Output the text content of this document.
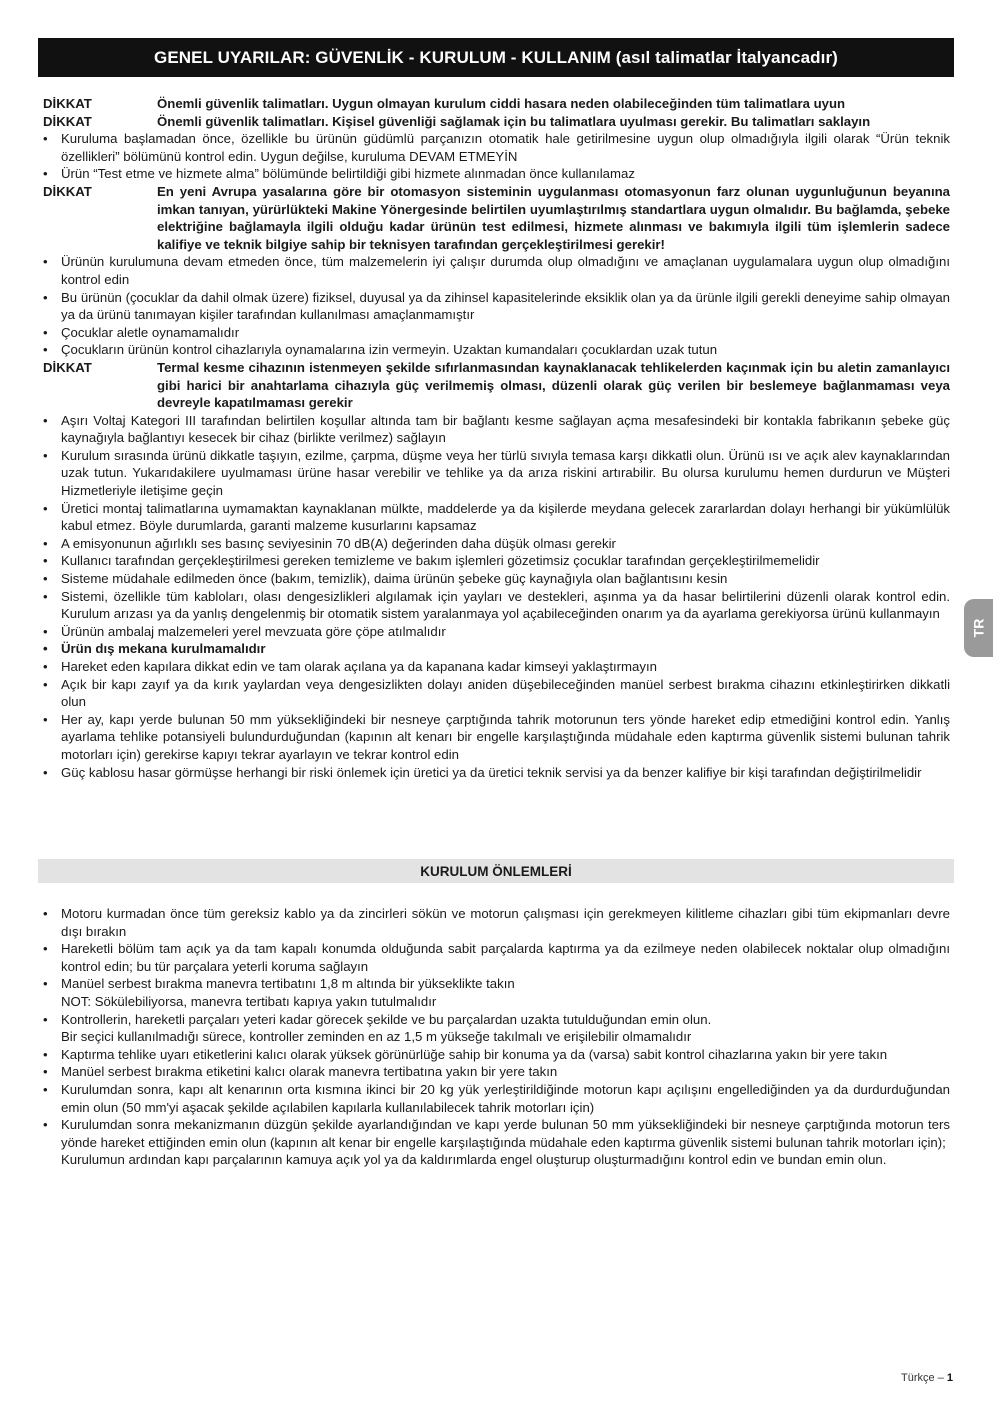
GENEL UYARILAR: GÜVENLİK - KURULUM - KULLANIM (asıl talimatlar İtalyancadır)
DİKKAT	Önemli güvenlik talimatları. Uygun olmayan kurulum ciddi hasara neden olabileceğinden tüm talimatlara uyun
DİKKAT	Önemli güvenlik talimatları. Kişisel güvenliği sağlamak için bu talimatlara uyulması gerekir. Bu talimatları saklayın
•	Kuruluma başlamadan önce, özellikle bu ürünün güdümlü parçanızın otomatik hale getirilmesine uygun olup olmadığıyla ilgili olarak “Ürün teknik özellikleri” bölümünü kontrol edin. Uygun değilse, kuruluma DEVAM ETMEYİN
•	Ürün “Test etme ve hizmete alma” bölümünde belirtildiği gibi hizmete alınmadan önce kullanılamaz
DİKKAT	En yeni Avrupa yasalarına göre bir otomasyon sisteminin uygulanması otomasyonun farz olunan uygunluğunun beyanına imkan tanıyan, yürürlükteki Makine Yönergesinde belirtilen uyumlaştırılmış standartlara uygun olmalıdır. Bu bağlamda, şebeke elektriğine bağlamayla ilgili olduğu kadar ürünün test edilmesi, hizmete alınması ve bakımıyla ilgili tüm işlemlerin sadece kalifiye ve teknik bilgiye sahip bir teknisyen tarafından gerçekleştirilmesi gerekir!
•	Ürünün kurulumuna devam etmeden önce, tüm malzemelerin iyi çalışır durumda olup olmadığını ve amaçlanan uygulamalara uygun olup olmadığını kontrol edin
•	Bu ürünün (çocuklar da dahil olmak üzere) fiziksel, duyusal ya da zihinsel kapasitelerinde eksiklik olan ya da ürünle ilgili gerekli deneyime sahip olmayan ya da ürünü tanımayan kişiler tarafından kullanılması amaçlanmamıştır
•	Çocuklar aletle oynamamalıdır
•	Çocukların ürünün kontrol cihazlarıyla oynamalarına izin vermeyin. Uzaktan kumandaları çocuklardan uzak tutun
DİKKAT	Termal kesme cihazının istenmeyen şekilde sıfırlanmasından kaynaklanacak tehlikelerden kaçınmak için bu aletin zamanlayıcı gibi harici bir anahtarlama cihazıyla güç verilmemiş olması, düzenli olarak güç verilen bir beslemeye bağlanmaması veya devreyle kapatılmaması gerekir
•	Aşırı Voltaj Kategori III tarafından belirtilen koşullar altında tam bir bağlantı kesme sağlayan açma mesafesindeki bir kontakla fabrikanın şebeke güç kaynağıyla bağlantıyı kesecek bir cihaz (birlikte verilmez) sağlayın
•	Kurulum sırasında ürünü dikkatle taşıyın, ezilme, çarpma, düşme veya her türlü sıvıyla temasa karşı dikkatli olun. Ürünü ısı ve açık alev kaynaklarından uzak tutun. Yukarıdakilere uyulmaması ürüne hasar verebilir ve tehlike ya da arıza riskini artırabilir. Bu olursa kurulumu hemen durdurun ve Müşteri Hizmetleriyle iletişime geçin
•	Üretici montaj talimatlarına uymamaktan kaynaklanan mülkte, maddelerde ya da kişilerde meydana gelecek zararlardan dolayı herhangi bir yükümlülük kabul etmez. Böyle durumlarda, garanti malzeme kusurlarını kapsamaz
•	A emisyonunun ağırlıklı ses basınç seviyesinin 70 dB(A) değerinden daha düşük olması gerekir
•	Kullanıcı tarafından gerçekleştirilmesi gereken temizleme ve bakım işlemleri gözetimsiz çocuklar tarafından gerçekleştirilmemelidir
•	Sisteme müdahale edilmeden önce (bakım, temizlik), daima ürünün şebeke güç kaynağıyla olan bağlantısını kesin
•	Sistemi, özellikle tüm kabloları, olası dengesizlikleri algılamak için yayları ve destekleri, aşınma ya da hasar belirtilerini düzenli olarak kontrol edin. Kurulum arızası ya da yanlış dengelenmiş bir otomatik sistem yaralanmaya yol açabileceğinden onarım ya da ayarlama gerekiyorsa ürünü kullanmayın
•	Ürünün ambalaj malzemeleri yerel mevzuata göre çöpe atılmalıdır
•	Ürün dış mekana kurulmamalıdır
•	Hareket eden kapılara dikkat edin ve tam olarak açılana ya da kapanana kadar kimseyi yaklaştırmayın
•	Açık bir kapı zayıf ya da kırık yaylardan veya dengesizlikten dolayı aniden düşebileceğinden manüel serbest bırakma cihazını etkinleştirirken dikkatli olun
•	Her ay, kapı yerde bulunan 50 mm yüksekliğindeki bir nesneye çarptığında tahrik motorunun ters yönde hareket edip etmediğini kontrol edin. Yanlış ayarlama tehlike potansiyeli bulundurduğundan (kapının alt kenarı bir engelle karşılaştığında müdahale eden kaptırma güvenlik sistemi bulunan tahrik motorları için) gerekirse kapıyı tekrar ayarlayın ve tekrar kontrol edin
•	Güç kablosu hasar görmüşse herhangi bir riski önlemek için üretici ya da üretici teknik servisi ya da benzer kalifiye bir kişi tarafından değiştirilmelidir
KURULUM ÖNLEMLERİ
•	Motoru kurmadan önce tüm gereksiz kablo ya da zincirleri sökün ve motorun çalışması için gerekmeyen kilitleme cihazları gibi tüm ekipmanları devre dışı bırakın
•	Hareketli bölüm tam açık ya da tam kapalı konumda olduğunda sabit parçalarda kaptırma ya da ezilmeye neden olabilecek noktalar olup olmadığını kontrol edin; bu tür parçalara yeterli koruma sağlayın
•	Manüel serbest bırakma manevra tertibatını 1,8 m altında bir yükseklikte takın
NOT: Sökülebiliyorsa, manevra tertibatı kapıya yakın tutulmalıdır
•	Kontrollerin, hareketli parçaları yeteri kadar görecek şekilde ve bu parçalardan uzakta tutulduğundan emin olun.
Bir seçici kullanılmadığı sürece, kontroller zeminden en az 1,5 m yükseğe takılmalı ve erişilebilir olmamalıdır
•	Kaptırma tehlike uyarı etiketlerini kalıcı olarak yüksek görünürlüğe sahip bir konuma ya da (varsa) sabit kontrol cihazlarına yakın bir yere takın
•	Manüel serbest bırakma etiketini kalıcı olarak manevra tertibatına yakın bir yere takın
•	Kurulumdan sonra, kapı alt kenarının orta kısmına ikinci bir 20 kg yük yerleştirildiğinde motorun kapı açılışını engellediğinden ya da durdurduğundan emin olun (50 mm'yi aşacak şekilde açılabilen kapılarla kullanılabilecek tahrik motorları için)
•	Kurulumdan sonra mekanizmanın düzgün şekilde ayarlandığından ve kapı yerde bulunan 50 mm yüksekliğindeki bir nesneye çarptığında motorun ters yönde hareket ettiğinden emin olun (kapının alt kenar bir engelle karşılaştığında müdahale eden kaptırma güvenlik sistemi bulunan tahrik motorları için);
Kurulumun ardından kapı parçalarının kamuya açık yol ya da kaldırımlarda engel oluşturup oluşturmadığını kontrol edin ve bundan emin olun.
TR
Türkçe – 1
